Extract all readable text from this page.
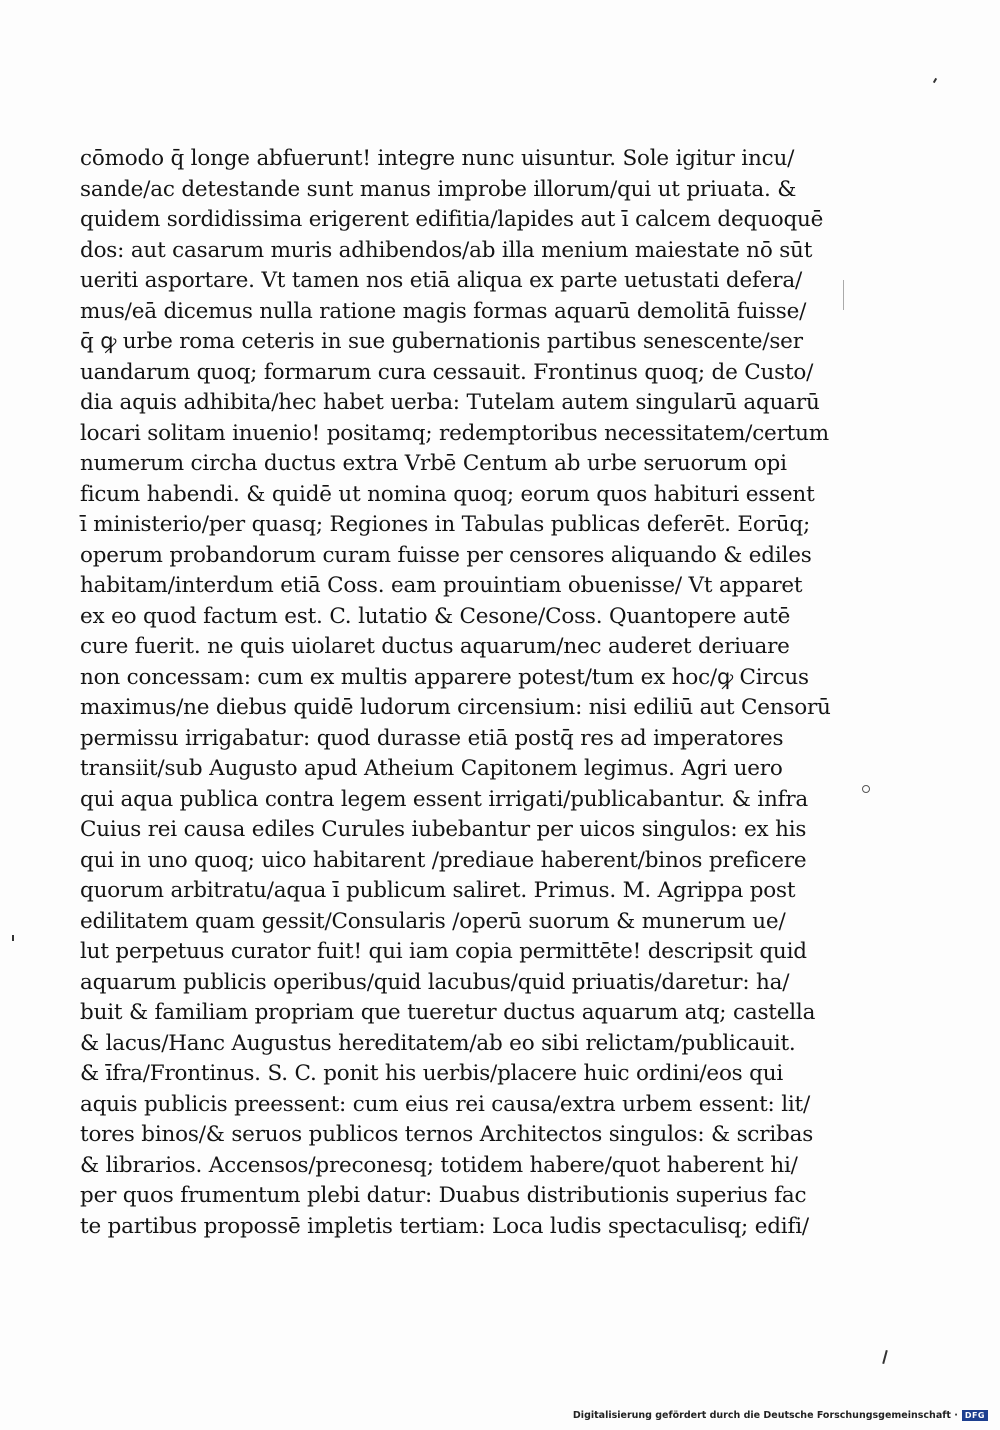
cōmodo q̄ longe abfuerunt! integre nunc uisuntur. Sole igitur incu/
sande/ac detestande sunt manus improbe illorum/qui ut priuata. &
quidem sordidissima erigerent edifitia/lapides aut ī calcem dequoquē
dos: aut casarum muris adhibendos/ab illa menium maiestate nō sūt
ueriti asportare. Vt tamen nos etiā aliqua ex parte uetustati defera/
mus/eā dicemus nulla ratione magis formas aquarū demolitā fuisse/
q̄ ꝙ urbe roma ceteris in sue gubernationis partibus senescente/ser
uandarum quoq; formarum cura cessauit. Frontinus quoq; de Custo/
dia aquis adhibita/hec habet uerba: Tutelam autem singularū aquarū
locari solitam inuenio! positamq; redemptoribus necessitatem/certum
numerum circha ductus extra Vrbē Centum ab urbe seruorum opi
ficum habendi. & quidē ut nomina quoq; eorum quos habituri essent
ī ministerio/per quasq; Regiones in Tabulas publicas deferēt. Eorūq;
operum probandorum curam fuisse per censores aliquando & ediles
habitam/interdum etiā Coss. eam prouintiam obuenisse/ Vt apparet
ex eo quod factum est. C. lutatio & Cesone/Coss. Quantopere autē
cure fuerit. ne quis uiolaret ductus aquarum/nec auderet deriuare
non concessam: cum ex multis apparere potest/tum ex hoc/ꝙ Circus
maximus/ne diebus quidē ludorum circensium: nisi ediliū aut Censorū
permissu irrigabatur: quod durasse etiā postq̄ res ad imperatores
transiit/sub Augusto apud Atheium Capitonem legimus. Agri uero
qui aqua publica contra legem essent irrigati/publicabantur. & infra
Cuius rei causa ediles Curules iubebantur per uicos singulos: ex his
qui in uno quoq; uico habitarent /prediaue haberent/binos preficere
quorum arbitratu/aqua ī publicum saliret. Primus. M. Agrippa post
edilitatem quam gessit/Consularis /operū suorum & munerum ue/
lut perpetuus curator fuit! qui iam copia permittēte! descripsit quid
aquarum publicis operibus/quid lacubus/quid priuatis/daretur: ha/
buit & familiam propriam que tueretur ductus aquarum atq; castella
& lacus/Hanc Augustus hereditatem/ab eo sibi relictam/publicauit.
& īfra/Frontinus. S. C. ponit his uerbis/placere huic ordini/eos qui
aquis publicis preessent: cum eius rei causa/extra urbem essent: lit/
tores binos/& seruos publicos ternos Architectos singulos: & scribas
& librarios. Accensos/preconesq; totidem habere/quot haberent hi/
per quos frumentum plebi datur: Duabus distributionis superius fac
te partibus propossē impletis tertiam: Loca ludis spectaculisq; edifi/
Digitalisierung gefördert durch die Deutsche Forschungsgemeinschaft · DFG
